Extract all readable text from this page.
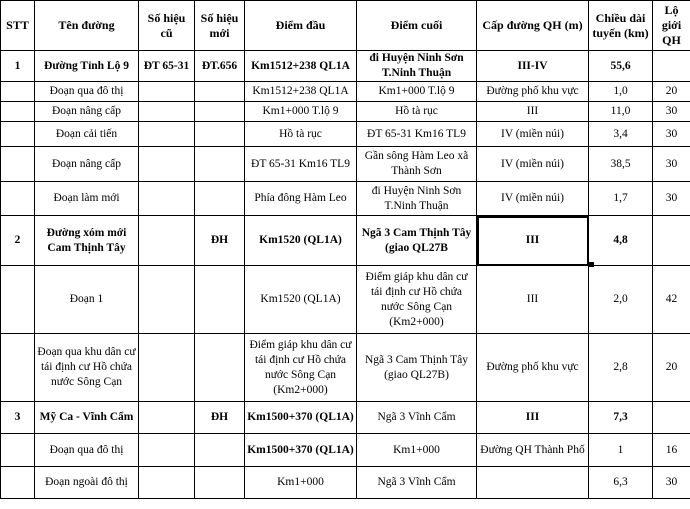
STT	Tên đường	Số hiệu cũ	Số hiệu mới	Điểm đầu	Điểm cuối	Cấp đường QH (m)	Chiều dài tuyến (km)	Lộ giới QH
1	Đường Tỉnh Lộ 9	ĐT 65-31	ĐT.656	Km1512+238 QL1A	đi Huyện Ninh Sơn T.Ninh Thuận	III-IV	55,6	
	Đoạn qua đô thị			Km1512+238 QL1A	Km1+000 T.lộ 9	Đường phố khu vực	1,0	20
	Đoạn nâng cấp			Km1+000 T.lộ 9	Hồ tà rục	III	11,0	30
	Đoạn cải tiến			Hồ tà rục	ĐT 65-31 Km16 TL9	IV (miền núi)	3,4	30
	Đoạn nâng cấp			ĐT 65-31 Km16 TL9	Gần sông Hàm Leo xã Thành Sơn	IV (miền núi)	38,5	30
	Đoạn làm mới			Phía đông Hàm Leo	đi Huyện Ninh Sơn T.Ninh Thuận	IV (miền núi)	1,7	30
2	Đường xóm mới Cam Thịnh Tây		ĐH	Km1520 (QL1A)	Ngã 3 Cam Thịnh Tây (giao QL27B	III	4,8	
	Đoạn 1			Km1520 (QL1A)	Điểm giáp khu dân cư tái định cư Hồ chứa nước Sông Cạn (Km2+000)	III	2,0	42
	Đoạn qua khu dân cư tái định cư Hồ chứa nước Sông Cạn			Điểm giáp khu dân cư tái định cư Hồ chứa nước Sông Cạn (Km2+000)	Ngã 3 Cam Thịnh Tây (giao QL27B)	Đường phố khu vực	2,8	20
3	Mỹ Ca - Vĩnh Cẩm		ĐH	Km1500+370 (QL1A)	Ngã 3 Vĩnh Cẩm	III	7,3	
	Đoạn qua đô thị			Km1500+370 (QL1A)	Km1+000	Đường QH Thành Phố	1	16
	Đoạn ngoài đô thị			Km1+000	Ngã 3 Vĩnh Cẩm		6,3	30
